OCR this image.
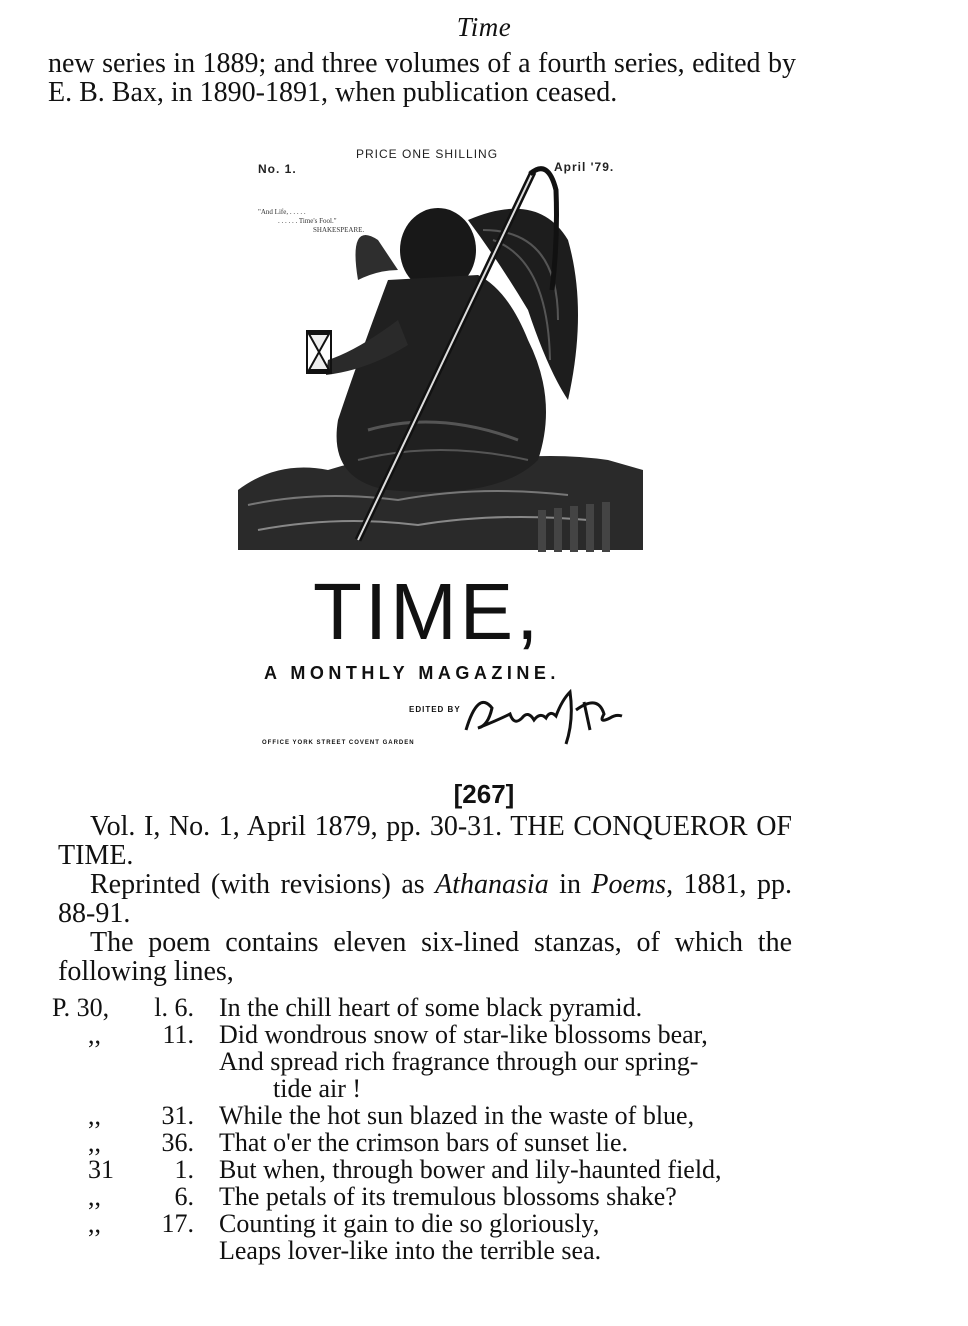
Time

new series in 1889; and three volumes of a fourth series, edited by E. B. Bax, in 1890-1891, when publication ceased.

PRICE ONE SHILLING
No. 1.	April '79.
"And Life, . . . . .
. . . . . . Time's Fool."
SHAKESPEARE.
TIME,
A MONTHLY MAGAZINE.
EDITED BY
OFFICE YORK STREET COVENT GARDEN
[267]

Vol. I, No. 1, April 1879, pp. 30-31. THE CONQUEROR OF TIME.

Reprinted (with revisions) as Athanasia in Poems, 1881, pp. 88-91.

The poem contains eleven six-lined stanzas, of which the following lines,

P. 30,	l. 6. In the chill heart of some black pyramid.
,,	11. Did wondrous snow of star-like blossoms bear,
And spread rich fragrance through our spring-
tide air !
,,	31. While the hot sun blazed in the waste of blue,
,,	36. That o'er the crimson bars of sunset lie.
31	1. But when, through bower and lily-haunted field,
,,	6. The petals of its tremulous blossoms shake?
,,	17. Counting it gain to die so gloriously,
Leaps lover-like into the terrible sea.
